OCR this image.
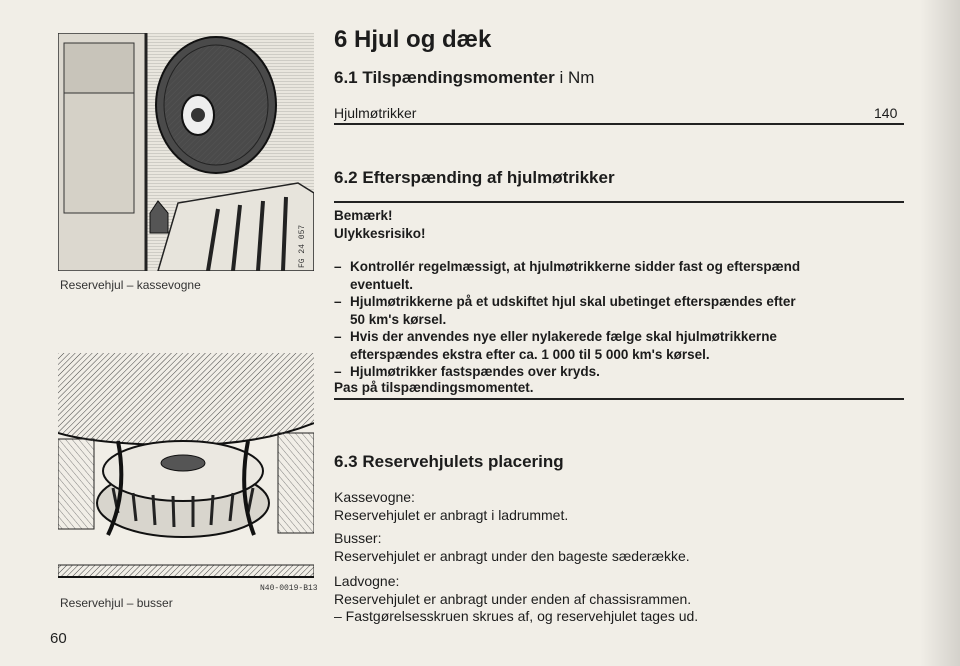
Reservehjul – kassevogne
FG 24 057
Reservehjul – busser
N40-0019-B13
60
6 Hjul og dæk
6.1 Tilspændingsmomenter i Nm
Hjulmøtrikker	140
6.2 Efterspænding af hjulmøtrikker
Bemærk!
Ulykkesrisiko!
– Kontrollér regelmæssigt, at hjulmøtrikkerne sidder fast og efterspænd
eventuelt.
– Hjulmøtrikkerne på et udskiftet hjul skal ubetinget efterspændes efter
50 km's kørsel.
– Hvis der anvendes nye eller nylakerede fælge skal hjulmøtrikkerne
efterspændes ekstra efter ca. 1 000 til 5 000 km's kørsel.
– Hjulmøtrikker fastspændes over kryds.
Pas på tilspændingsmomentet.
6.3 Reservehjulets placering
Kassevogne:
Reservehjulet er anbragt i ladrummet.
Busser:
Reservehjulet er anbragt under den bageste sæderække.
Ladvogne:
Reservehjulet er anbragt under enden af chassisrammen.
– Fastgørelsesskruen skrues af, og reservehjulet tages ud.
